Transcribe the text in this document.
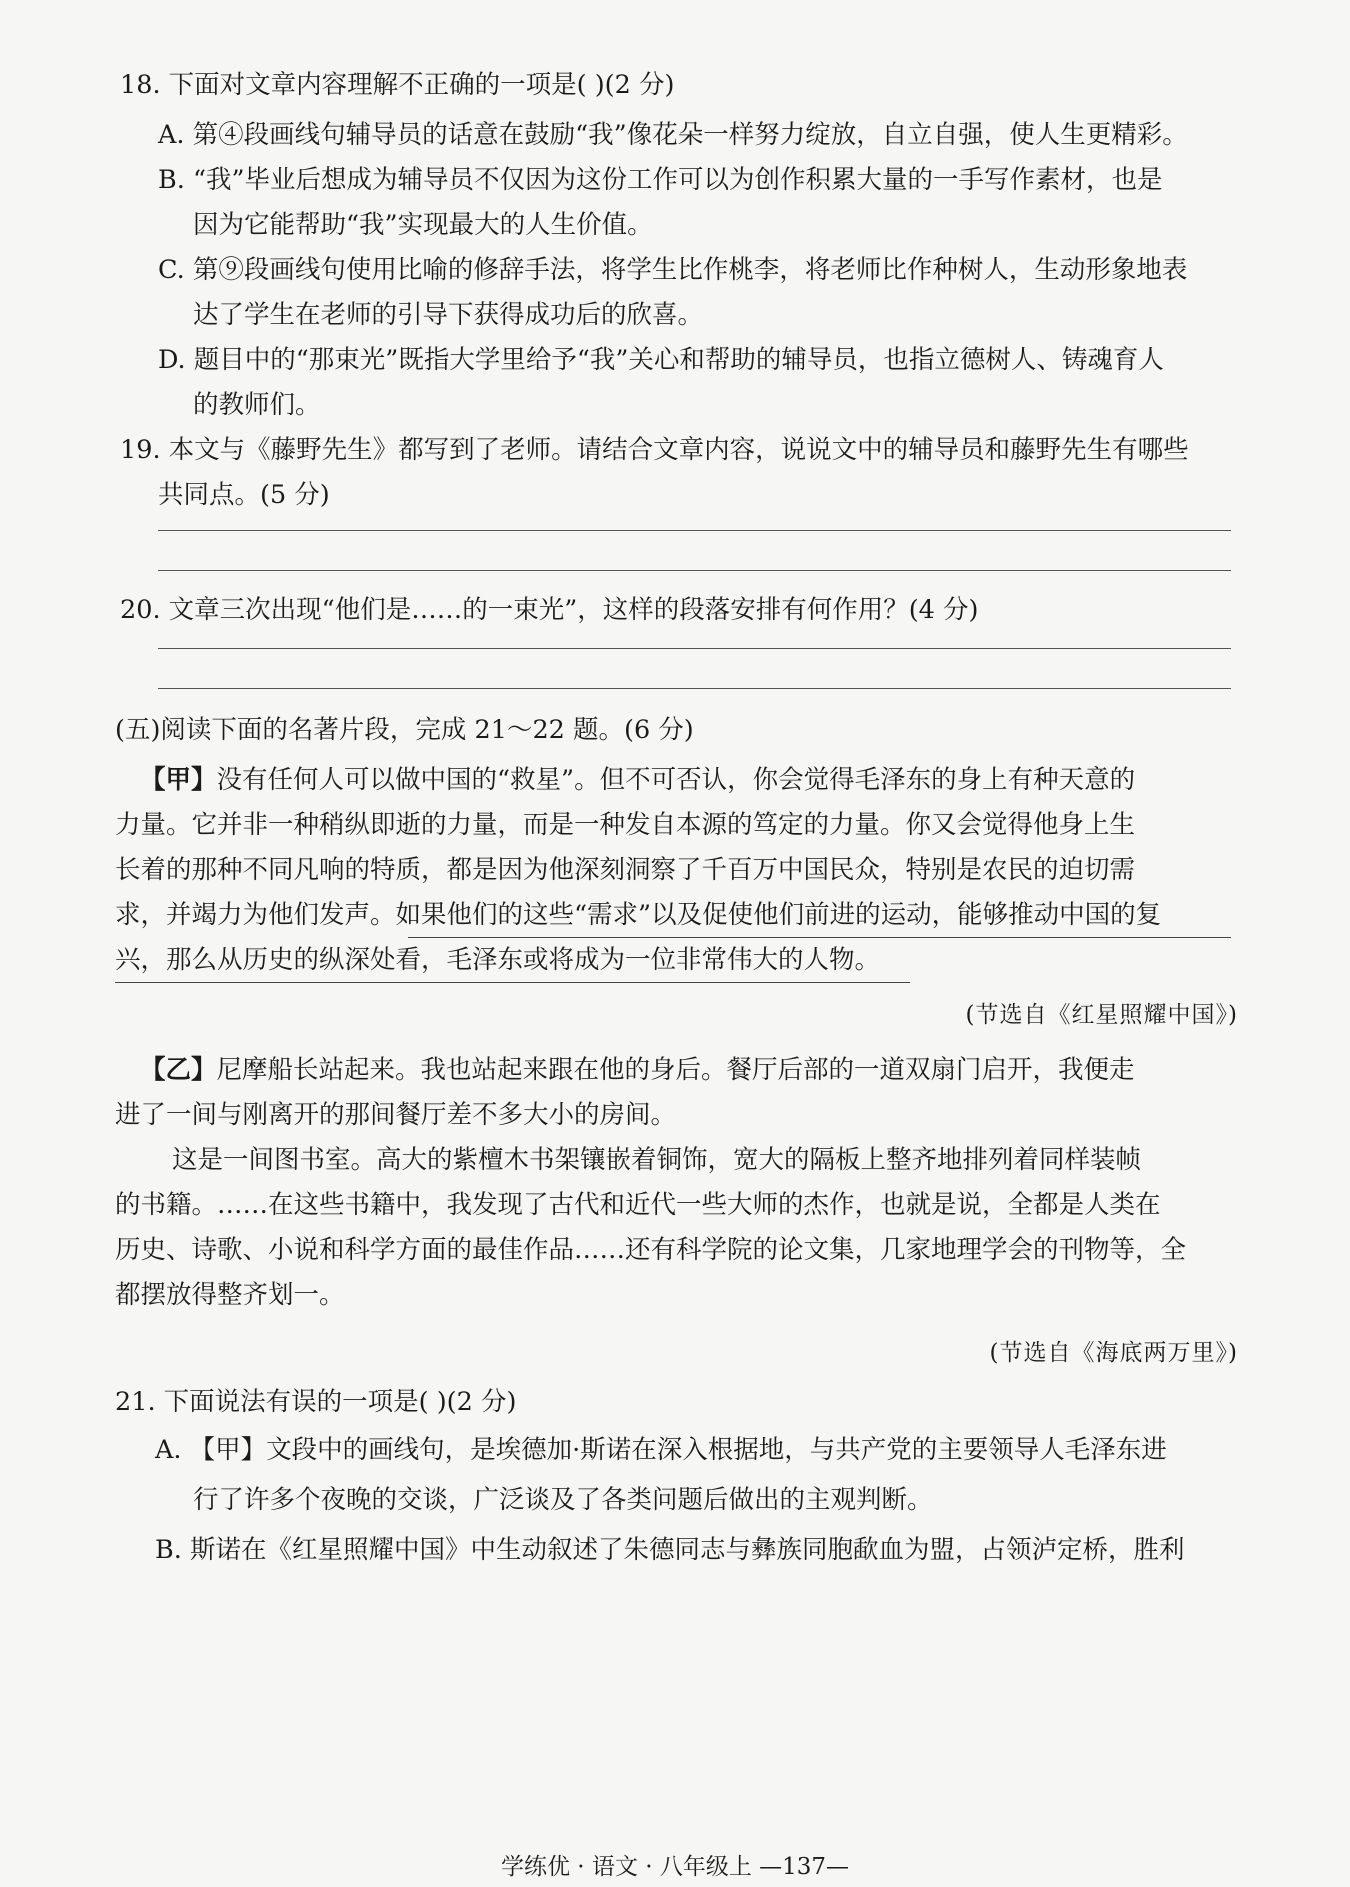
18. 下面对文章内容理解不正确的一项是( )(2 分)
A. 第④段画线句辅导员的话意在鼓励“我”像花朵一样努力绽放，自立自强，使人生更精彩。
B. “我”毕业后想成为辅导员不仅因为这份工作可以为创作积累大量的一手写作素材，也是
因为它能帮助“我”实现最大的人生价值。
C. 第⑨段画线句使用比喻的修辞手法，将学生比作桃李，将老师比作种树人，生动形象地表
达了学生在老师的引导下获得成功后的欣喜。
D. 题目中的“那束光”既指大学里给予“我”关心和帮助的辅导员，也指立德树人、铸魂育人
的教师们。
19. 本文与《藤野先生》都写到了老师。请结合文章内容，说说文中的辅导员和藤野先生有哪些
共同点。(5 分)
20. 文章三次出现“他们是……的一束光”，这样的段落安排有何作用？(4 分)
(五)阅读下面的名著片段，完成 21～22 题。(6 分)
【甲】没有任何人可以做中国的“救星”。但不可否认，你会觉得毛泽东的身上有种天意的
力量。它并非一种稍纵即逝的力量，而是一种发自本源的笃定的力量。你又会觉得他身上生
长着的那种不同凡响的特质，都是因为他深刻洞察了千百万中国民众，特别是农民的迫切需
求，并竭力为他们发声。如果他们的这些“需求”以及促使他们前进的运动，能够推动中国的复
兴，那么从历史的纵深处看，毛泽东或将成为一位非常伟大的人物。
(节选自《红星照耀中国》)
【乙】尼摩船长站起来。我也站起来跟在他的身后。餐厅后部的一道双扇门启开，我便走
进了一间与刚离开的那间餐厅差不多大小的房间。
这是一间图书室。高大的紫檀木书架镶嵌着铜饰，宽大的隔板上整齐地排列着同样装帧
的书籍。……在这些书籍中，我发现了古代和近代一些大师的杰作，也就是说，全都是人类在
历史、诗歌、小说和科学方面的最佳作品……还有科学院的论文集，几家地理学会的刊物等，全
都摆放得整齐划一。
(节选自《海底两万里》)
21. 下面说法有误的一项是( )(2 分)
A. 【甲】文段中的画线句，是埃德加·斯诺在深入根据地，与共产党的主要领导人毛泽东进
行了许多个夜晚的交谈，广泛谈及了各类问题后做出的主观判断。
B. 斯诺在《红星照耀中国》中生动叙述了朱德同志与彝族同胞歃血为盟，占领泸定桥，胜利
学练优 · 语文 · 八年级上 —137—
